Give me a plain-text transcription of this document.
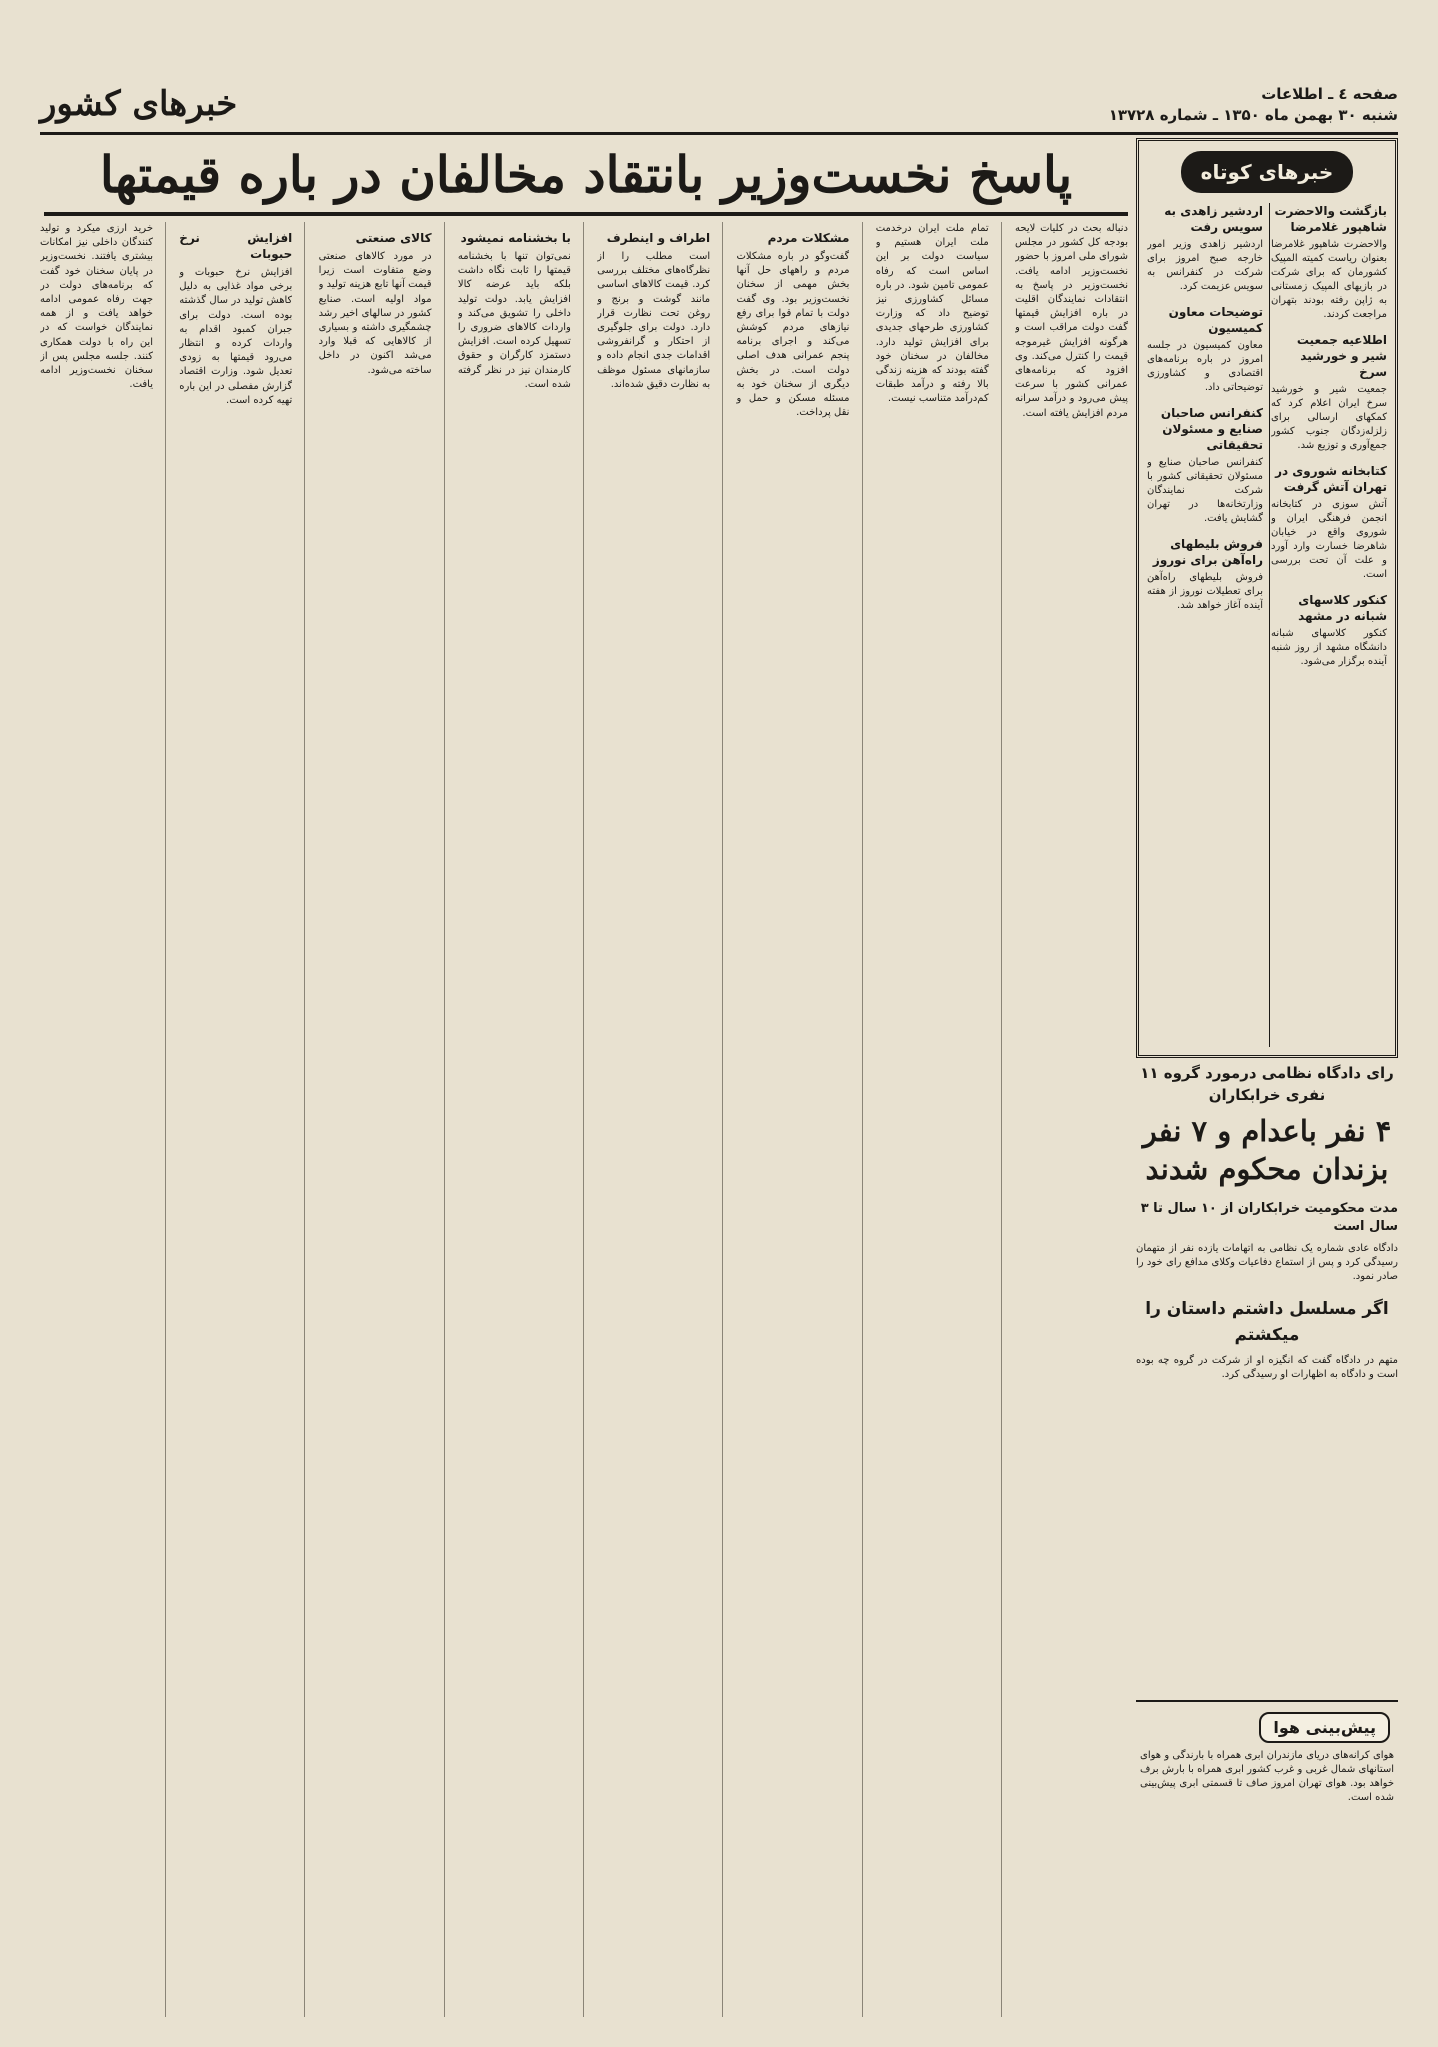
صفحه ٤ ـ اطلاعات
شنبه ۳۰ بهمن ماه ۱۳۵۰ ـ شماره ۱۳۷۲۸
خبرهای کشور
پاسخ نخست‌وزیر بانتقاد مخالفان در باره قیمتها
دنباله بحث در کلیات لایحه بودجه کل کشور در مجلس شورای ملی امروز با حضور نخست‌وزیر ادامه یافت. نخست‌وزیر در پاسخ به انتقادات نمایندگان اقلیت در باره افزایش قیمتها گفت دولت مراقب است و هرگونه افزایش غیرموجه قیمت را کنترل می‌کند. وی افزود که برنامه‌های عمرانی کشور با سرعت پیش می‌رود و درآمد سرانه مردم افزایش یافته است.
تمام ملت ایران درخدمت ملت ایران هستیم و سیاست دولت بر این اساس است که رفاه عمومی تامین شود. در باره مسائل کشاورزی نیز توضیح داد که وزارت کشاورزی طرحهای جدیدی برای افزایش تولید دارد. مخالفان در سخنان خود گفته بودند که هزینه زندگی بالا رفته و درآمد طبقات کم‌درآمد متناسب نیست.
مشکلات مردم
گفت‌وگو در باره مشکلات مردم و راههای حل آنها بخش مهمی از سخنان نخست‌وزیر بود. وی گفت دولت با تمام قوا برای رفع نیازهای مردم کوشش می‌کند و اجرای برنامه پنجم عمرانی هدف اصلی دولت است. در بخش دیگری از سخنان خود به مسئله مسکن و حمل و نقل پرداخت.
اطراف و اینطرف
است مطلب را از نظرگاه‌های مختلف بررسی کرد. قیمت کالاهای اساسی مانند گوشت و برنج و روغن تحت نظارت قرار دارد. دولت برای جلوگیری از احتکار و گرانفروشی اقدامات جدی انجام داده و سازمانهای مسئول موظف به نظارت دقیق شده‌اند.
با بخشنامه نمیشود
نمی‌توان تنها با بخشنامه قیمتها را ثابت نگاه داشت بلکه باید عرضه کالا افزایش یابد. دولت تولید داخلی را تشویق می‌کند و واردات کالاهای ضروری را تسهیل کرده است. افزایش دستمزد کارگران و حقوق کارمندان نیز در نظر گرفته شده است.
کالای صنعتی
در مورد کالاهای صنعتی وضع متفاوت است زیرا قیمت آنها تابع هزینه تولید و مواد اولیه است. صنایع کشور در سالهای اخیر رشد چشمگیری داشته و بسیاری از کالاهایی که قبلا وارد می‌شد اکنون در داخل ساخته می‌شود.
افزایش نرخ حبوبات
افزایش نرخ حبوبات و برخی مواد غذایی به دلیل کاهش تولید در سال گذشته بوده است. دولت برای جبران کمبود اقدام به واردات کرده و انتظار می‌رود قیمتها به زودی تعدیل شود. وزارت اقتصاد گزارش مفصلی در این باره تهیه کرده است.
خرید ارزی میکرد و تولید کنندگان داخلی نیز امکانات بیشتری یافتند. نخست‌وزیر در پایان سخنان خود گفت که برنامه‌های دولت در جهت رفاه عمومی ادامه خواهد یافت و از همه نمایندگان خواست که در این راه با دولت همکاری کنند. جلسه مجلس پس از سخنان نخست‌وزیر ادامه یافت.
خبرهای کوتاه
بازگشت والاحضرت شاهپور غلامرضا
والاحضرت شاهپور غلامرضا بعنوان ریاست کمیته المپیک کشورمان که برای شرکت در بازیهای المپیک زمستانی به ژاپن رفته بودند بتهران مراجعت کردند.
اطلاعیه جمعیت شیر و خورشید سرخ
جمعیت شیر و خورشید سرخ ایران اعلام کرد که کمکهای ارسالی برای زلزله‌زدگان جنوب کشور جمع‌آوری و توزیع شد.
کتابخانه شوروی در تهران آتش گرفت
آتش سوزی در کتابخانه انجمن فرهنگی ایران و شوروی واقع در خیابان شاهرضا خسارت وارد آورد و علت آن تحت بررسی است.
کنکور کلاسهای شبانه در مشهد
کنکور کلاسهای شبانه دانشگاه مشهد از روز شنبه آینده برگزار می‌شود.
اردشیر زاهدی به سویس رفت
اردشیر زاهدی وزیر امور خارجه صبح امروز برای شرکت در کنفرانس به سویس عزیمت کرد.
توضیحات معاون کمیسیون
معاون کمیسیون در جلسه امروز در باره برنامه‌های اقتصادی و کشاورزی توضیحاتی داد.
کنفرانس صاحبان صنایع و مسئولان تحقیقاتی
کنفرانس صاحبان صنایع و مسئولان تحقیقاتی کشور با شرکت نمایندگان وزارتخانه‌ها در تهران گشایش یافت.
فروش بلیطهای راه‌آهن برای نوروز
فروش بلیطهای راه‌آهن برای تعطیلات نوروز از هفته آینده آغاز خواهد شد.
رای دادگاه نظامی درمورد گروه ۱۱ نفری خرابکاران
۴ نفر باعدام و ۷ نفر بزندان محکوم شدند
مدت محکومیت خرابکاران از ۱۰ سال تا ۳ سال است
دادگاه عادی شماره یک نظامی به اتهامات یازده نفر از متهمان رسیدگی کرد و پس از استماع دفاعیات وکلای مدافع رای خود را صادر نمود.
اگر مسلسل داشتم داستان را میکشتم
متهم در دادگاه گفت که انگیزه او از شرکت در گروه چه بوده است و دادگاه به اظهارات او رسیدگی کرد.
پیش‌بینی هوا
هوای کرانه‌های دریای مازندران ابری همراه با بارندگی و هوای استانهای شمال غربی و غرب کشور ابری همراه با بارش برف خواهد بود. هوای تهران امروز صاف تا قسمتی ابری پیش‌بینی شده است.
